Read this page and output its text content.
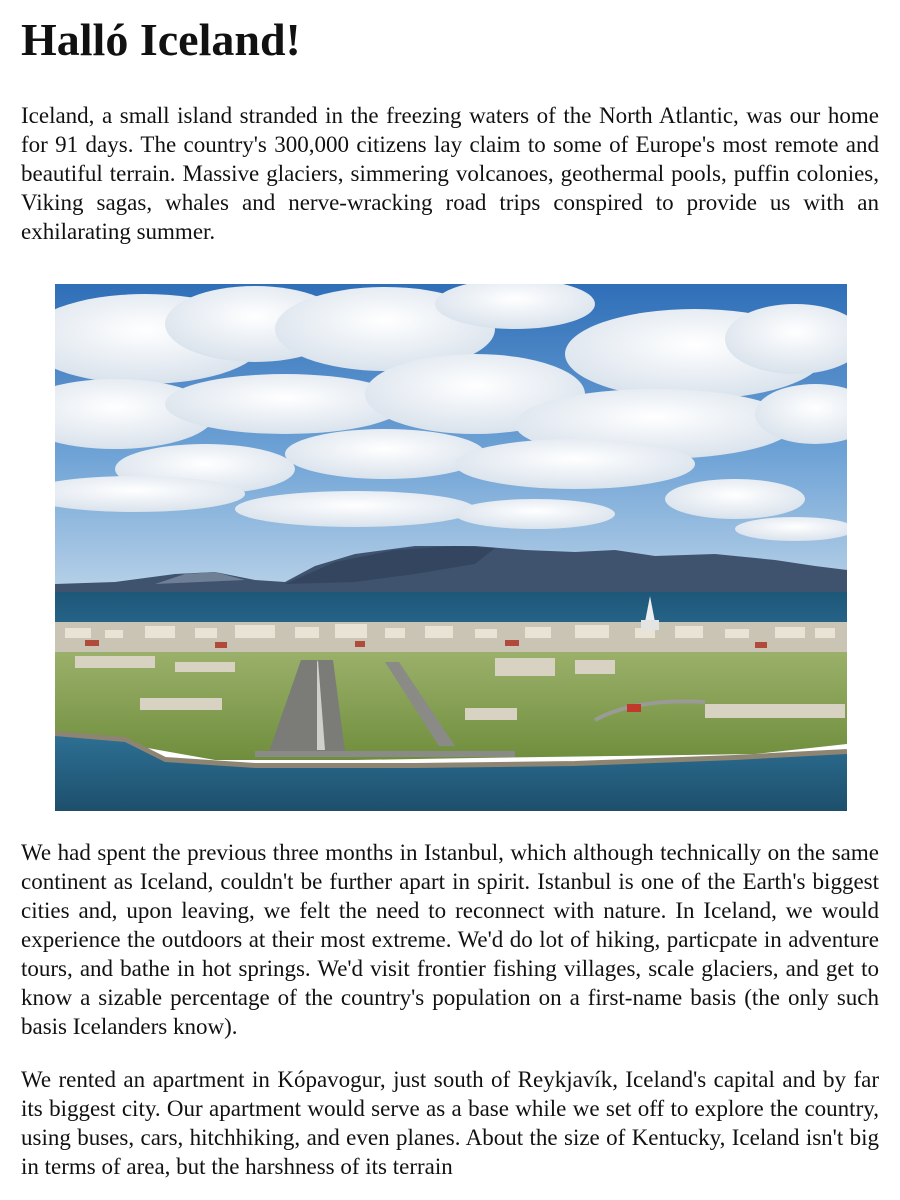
Halló Iceland!

Iceland, a small island stranded in the freezing waters of the North Atlantic, was our home for 91 days. The country's 300,000 citizens lay claim to some of Europe's most remote and beautiful terrain. Massive glaciers, simmering volcanoes, geothermal pools, puffin colonies, Viking sagas, whales and nerve-wracking road trips conspired to provide us with an exhilarating summer.

We had spent the previous three months in Istanbul, which although technically on the same continent as Iceland, couldn't be further apart in spirit. Istanbul is one of the Earth's biggest cities and, upon leaving, we felt the need to reconnect with nature. In Iceland, we would experience the outdoors at their most extreme. We'd do lot of hiking, particpate in adventure tours, and bathe in hot springs. We'd visit frontier fishing villages, scale glaciers, and get to know a sizable percentage of the country's population on a first-name basis (the only such basis Icelanders know).

We rented an apartment in Kópavogur, just south of Reykjavík, Iceland's capital and by far its biggest city. Our apartment would serve as a base while we set off to explore the country, using buses, cars, hitchhiking, and even planes. About the size of Kentucky, Iceland isn't big in terms of area, but the harshness of its terrain
